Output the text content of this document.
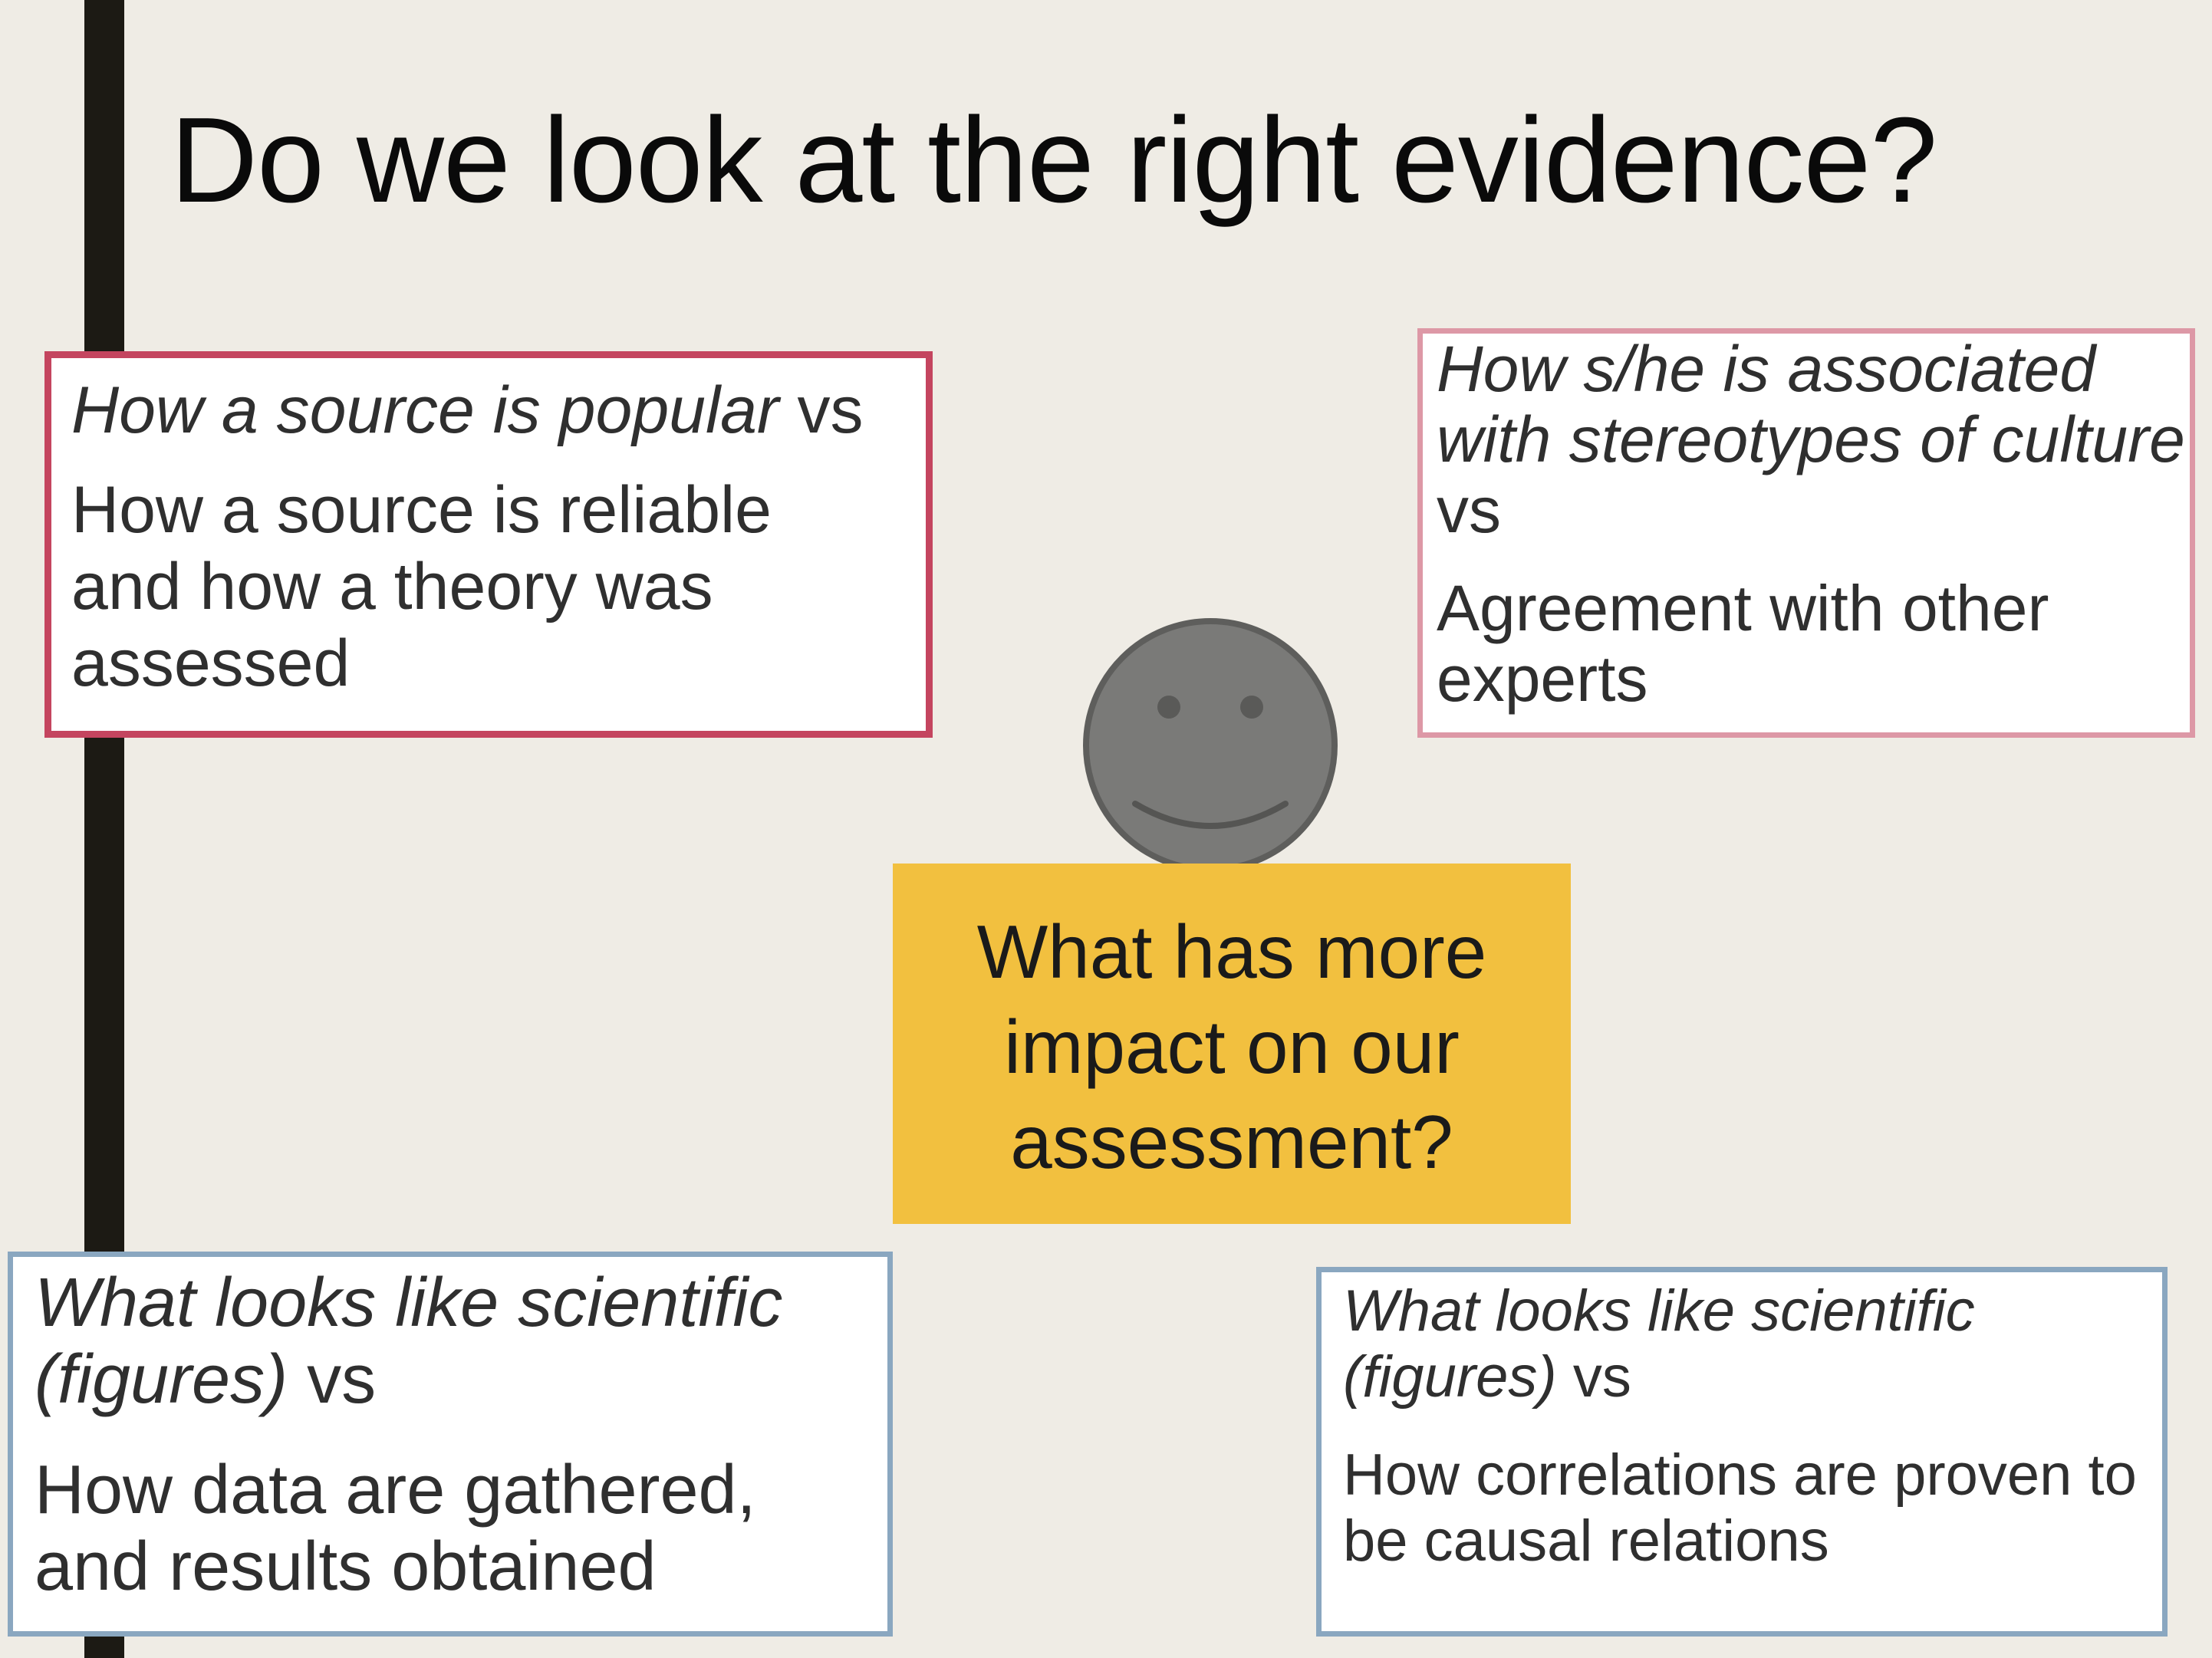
Do we look at the right evidence?

How a source is popular vs

How a source is reliable and how a theory was assessed

How s/he is associated with stereotypes of culture vs

Agreement with other experts

What has more impact on our assessment?

What looks like scientific (figures) vs

How data are gathered, and results obtained

What looks like scientific (figures) vs

How correlations are proven to be causal relations
